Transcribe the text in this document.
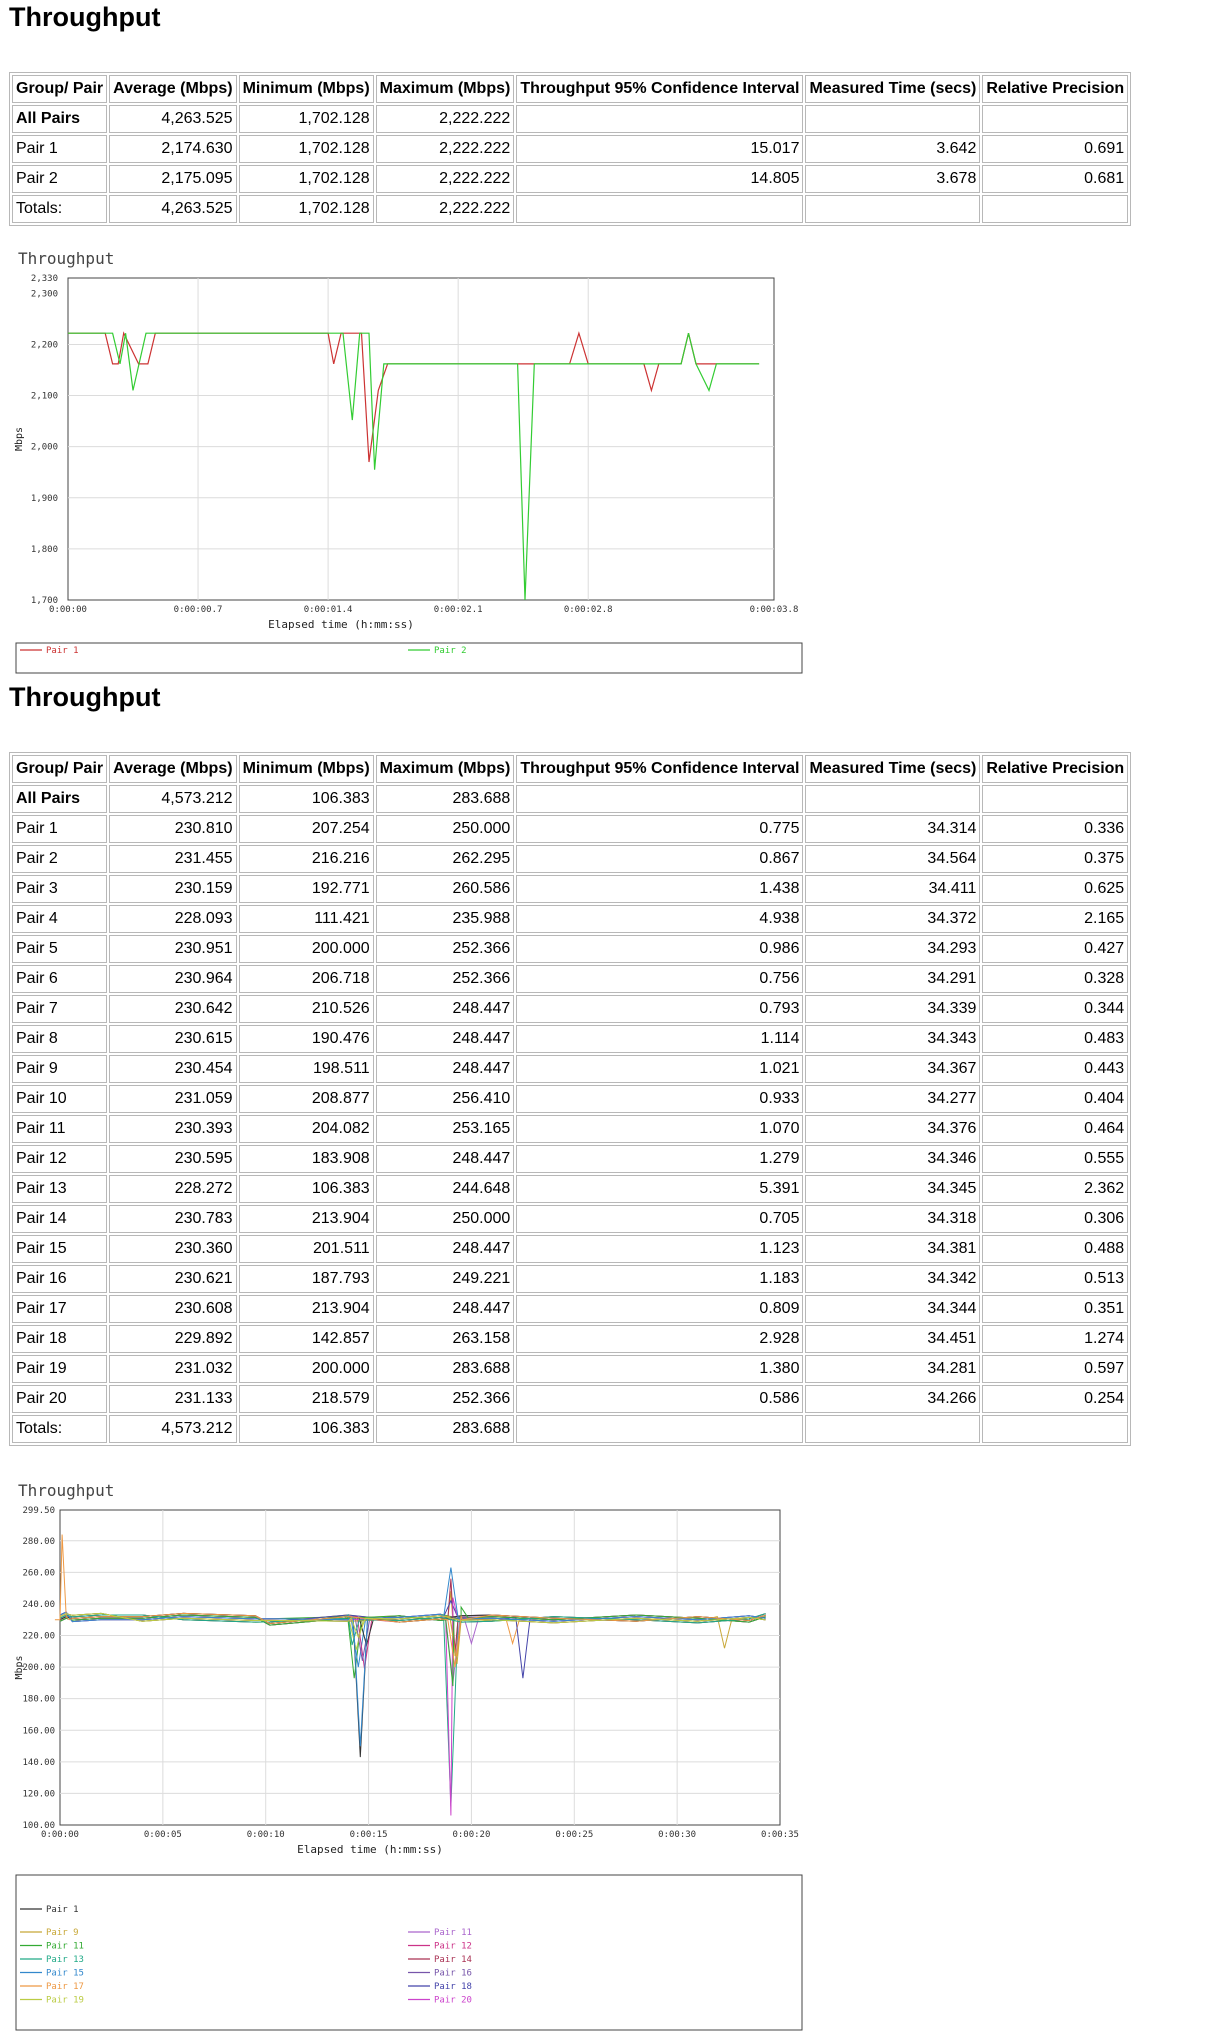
Throughput
Group/ Pair	Average (Mbps)	Minimum (Mbps)	Maximum (Mbps)	Throughput 95% Confidence Interval	Measured Time (secs)	Relative Precision
All Pairs	4,263.525	1,702.128	2,222.222			
Pair 1	2,174.630	1,702.128	2,222.222	15.017	3.642	0.691
Pair 2	2,175.095	1,702.128	2,222.222	14.805	3.678	0.681
Totals:	4,263.525	1,702.128	2,222.222			
Throughput
2,330
2,300
2,200
2,100
2,000
1,900
1,800
1,700
0:00:00	0:00:00.7	0:00:01.4	0:00:02.1	0:00:02.8	0:00:03.8
Elapsed time (h:mm:ss)
Mbps
Pair 1	Pair 2
Throughput
Group/ Pair	Average (Mbps)	Minimum (Mbps)	Maximum (Mbps)	Throughput 95% Confidence Interval	Measured Time (secs)	Relative Precision
All Pairs	4,573.212	106.383	283.688			
Pair 1	230.810	207.254	250.000	0.775	34.314	0.336
Pair 2	231.455	216.216	262.295	0.867	34.564	0.375
Pair 3	230.159	192.771	260.586	1.438	34.411	0.625
Pair 4	228.093	111.421	235.988	4.938	34.372	2.165
Pair 5	230.951	200.000	252.366	0.986	34.293	0.427
Pair 6	230.964	206.718	252.366	0.756	34.291	0.328
Pair 7	230.642	210.526	248.447	0.793	34.339	0.344
Pair 8	230.615	190.476	248.447	1.114	34.343	0.483
Pair 9	230.454	198.511	248.447	1.021	34.367	0.443
Pair 10	231.059	208.877	256.410	0.933	34.277	0.404
Pair 11	230.393	204.082	253.165	1.070	34.376	0.464
Pair 12	230.595	183.908	248.447	1.279	34.346	0.555
Pair 13	228.272	106.383	244.648	5.391	34.345	2.362
Pair 14	230.783	213.904	250.000	0.705	34.318	0.306
Pair 15	230.360	201.511	248.447	1.123	34.381	0.488
Pair 16	230.621	187.793	249.221	1.183	34.342	0.513
Pair 17	230.608	213.904	248.447	0.809	34.344	0.351
Pair 18	229.892	142.857	263.158	2.928	34.451	1.274
Pair 19	231.032	200.000	283.688	1.380	34.281	0.597
Pair 20	231.133	218.579	252.366	0.586	34.266	0.254
Totals:	4,573.212	106.383	283.688			
Throughput
299.50
280.00
260.00
240.00
220.00
200.00
180.00
160.00
140.00
120.00
100.00
0:00:00	0:00:05	0:00:10	0:00:15	0:00:20	0:00:25	0:00:30	0:00:35
Elapsed time (h:mm:ss)
Mbps
Pair 1
Pair 9
Pair 11
Pair 13
Pair 15
Pair 17
Pair 19
Pair 11
Pair 12
Pair 14
Pair 16
Pair 18
Pair 20
